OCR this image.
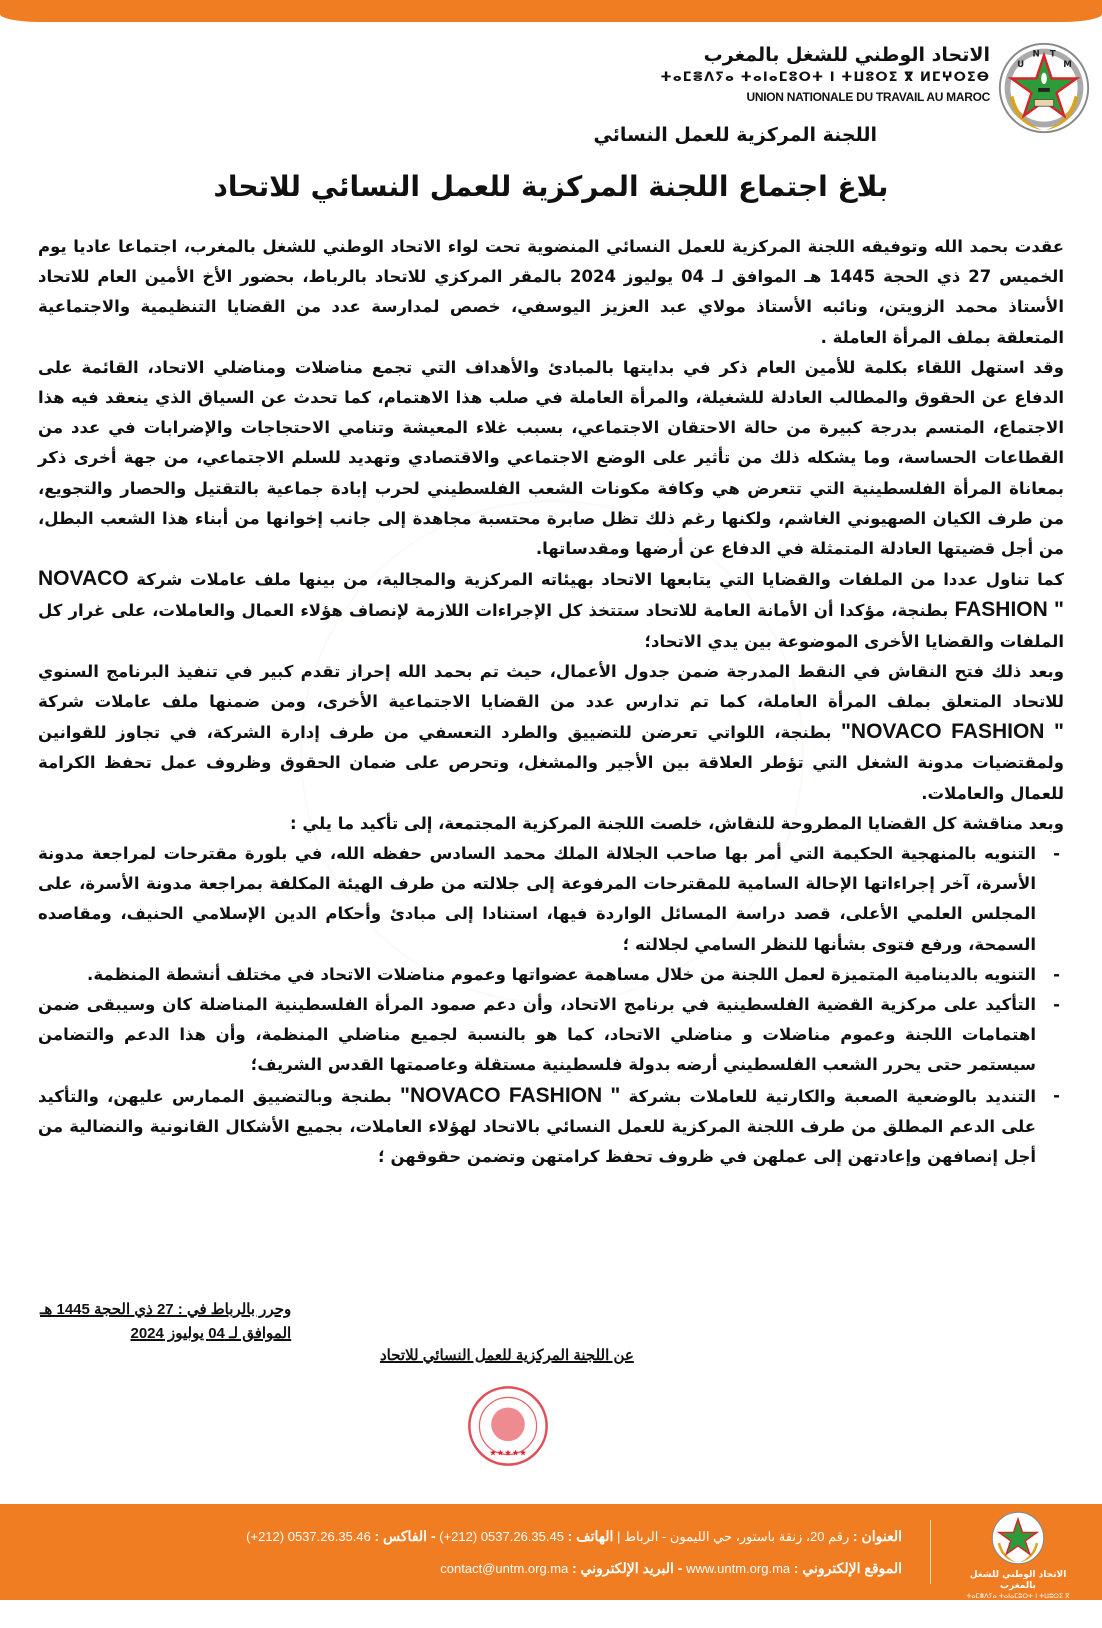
U
N T
M
الاتحاد الوطني للشغل بالمغرب
ⵜⴰⵎⴻⴷⵢⴰ ⵜⴰⵏⴰⵎⵓⵔⵜ ⵏ ⵜⵡⵓⵔⵉ ⴳ ⵍⵎⵖⵔⵉⴱ
UNION NATIONALE DU TRAVAIL AU MAROC
اللجنة المركزية للعمل النسائي
بلاغ اجتماع اللجنة المركزية للعمل النسائي للاتحاد

عقدت بحمد الله وتوفيقه اللجنة المركزية للعمل النسائي المنضوية تحت لواء الاتحاد الوطني للشغل بالمغرب، اجتماعا عاديا يوم الخميس 27 ذي الحجة 1445 هـ الموافق لـ 04 يوليوز 2024 بالمقر المركزي للاتحاد بالرباط، بحضور الأخ الأمين العام للاتحاد الأستاذ محمد الزويتن، ونائبه الأستاذ مولاي عبد العزيز اليوسفي، خصص لمدارسة عدد من القضايا التنظيمية والاجتماعية المتعلقة بملف المرأة العاملة .

وقد استهل اللقاء بكلمة للأمين العام ذكر في بدايتها بالمبادئ والأهداف التي تجمع مناضلات ومناضلي الاتحاد، القائمة على الدفاع عن الحقوق والمطالب العادلة للشغيلة، والمرأة العاملة في صلب هذا الاهتمام، كما تحدث عن السياق الذي ينعقد فيه هذا الاجتماع، المتسم بدرجة كبيرة من حالة الاحتقان الاجتماعي، بسبب غلاء المعيشة وتنامي الاحتجاجات والإضرابات في عدد من القطاعات الحساسة، وما يشكله ذلك من تأثير على الوضع الاجتماعي والاقتصادي وتهديد للسلم الاجتماعي، من جهة أخرى ذكر بمعاناة المرأة الفلسطينية التي تتعرض هي وكافة مكونات الشعب الفلسطيني لحرب إبادة جماعية بالتقتيل والحصار والتجويع، من طرف الكيان الصهيوني الغاشم، ولكنها رغم ذلك تظل صابرة محتسبة مجاهدة إلى جانب إخوانها من أبناء هذا الشعب البطل، من أجل قضيتها العادلة المتمثلة في الدفاع عن أرضها ومقدساتها.

كما تناول عددا من الملفات والقضايا التي يتابعها الاتحاد بهيئاته المركزية والمجالية، من بينها ملف عاملات شركة NOVACO FASHION " بطنجة، مؤكدا أن الأمانة العامة للاتحاد ستتخذ كل الإجراءات اللازمة لإنصاف هؤلاء العمال والعاملات، على غرار كل الملفات والقضايا الأخرى الموضوعة بين يدي الاتحاد؛

وبعد ذلك فتح النقاش في النقط المدرجة ضمن جدول الأعمال، حيث تم بحمد الله إحراز تقدم كبير في تنفيذ البرنامج السنوي للاتحاد المتعلق بملف المرأة العاملة، كما تم تدارس عدد من القضايا الاجتماعية الأخرى، ومن ضمنها ملف عاملات شركة "NOVACO FASHION " بطنجة، اللواتي تعرضن للتضييق والطرد التعسفي من طرف إدارة الشركة، في تجاوز للقوانين ولمقتضيات مدونة الشغل التي تؤطر العلاقة بين الأجير والمشغل، وتحرص على ضمان الحقوق وظروف عمل تحفظ الكرامة للعمال والعاملات.

وبعد مناقشة كل القضايا المطروحة للنقاش، خلصت اللجنة المركزية المجتمعة، إلى تأكيد ما يلي :

- التنويه بالمنهجية الحكيمة التي أمر بها صاحب الجلالة الملك محمد السادس حفظه الله، في بلورة مقترحات لمراجعة مدونة الأسرة، آخر إجراءاتها الإحالة السامية للمقترحات المرفوعة إلى جلالته من طرف الهيئة المكلفة بمراجعة مدونة الأسرة، على المجلس العلمي الأعلى، قصد دراسة المسائل الواردة فيها، استنادا إلى مبادئ وأحكام الدين الإسلامي الحنيف، ومقاصده السمحة، ورفع فتوى بشأنها للنظر السامي لجلالته ؛
- التنويه بالدينامية المتميزة لعمل اللجنة من خلال مساهمة عضواتها وعموم مناضلات الاتحاد في مختلف أنشطة المنظمة.
- التأكيد على مركزية القضية الفلسطينية في برنامج الاتحاد، وأن دعم صمود المرأة الفلسطينية المناضلة كان وسيبقى ضمن اهتمامات اللجنة وعموم مناضلات و مناضلي الاتحاد، كما هو بالنسبة لجميع مناضلي المنظمة، وأن هذا الدعم والتضامن سيستمر حتى يحرر الشعب الفلسطيني أرضه بدولة فلسطينية مستقلة وعاصمتها القدس الشريف؛
- التنديد بالوضعية الصعبة والكارتية للعاملات بشركة "NOVACO FASHION " بطنجة وبالتضييق الممارس عليهن، والتأكيد على الدعم المطلق من طرف اللجنة المركزية للعمل النسائي بالاتحاد لهؤلاء العاملات، بجميع الأشكال القانونية والنضالية من أجل إنصافهن وإعادتهن إلى عملهن في ظروف تحفظ كرامتهن وتضمن حقوقهن ؛
وحرر بالرباط في : 27 ذي الحجة 1445 هـ
الموافق لـ 04 يوليوز 2024
عن اللجنة المركزية للعمل النسائي للاتحاد
★★★★★
العنوان : رقم 20، زنقة باستور، حي الليمون - الرباط | الهاتف : 0537.26.35.45 (212+) - الفاكس : 0537.26.35.46 (212+)
الموقع الإلكتروني : www.untm.org.ma - البريد الإلكتروني : contact@untm.org.ma	الاتحاد الوطني للشغل بالمغرب
ⵜⴰⵎⴻⴷⵢⴰ ⵜⴰⵏⴰⵎⵓⵔⵜ ⵏ ⵜⵡⵓⵔⵉ ⴳ ⵍⵎⵖⵔⵉⴱ
UNION NATIONALE DU TRAVAIL AU MAROC
